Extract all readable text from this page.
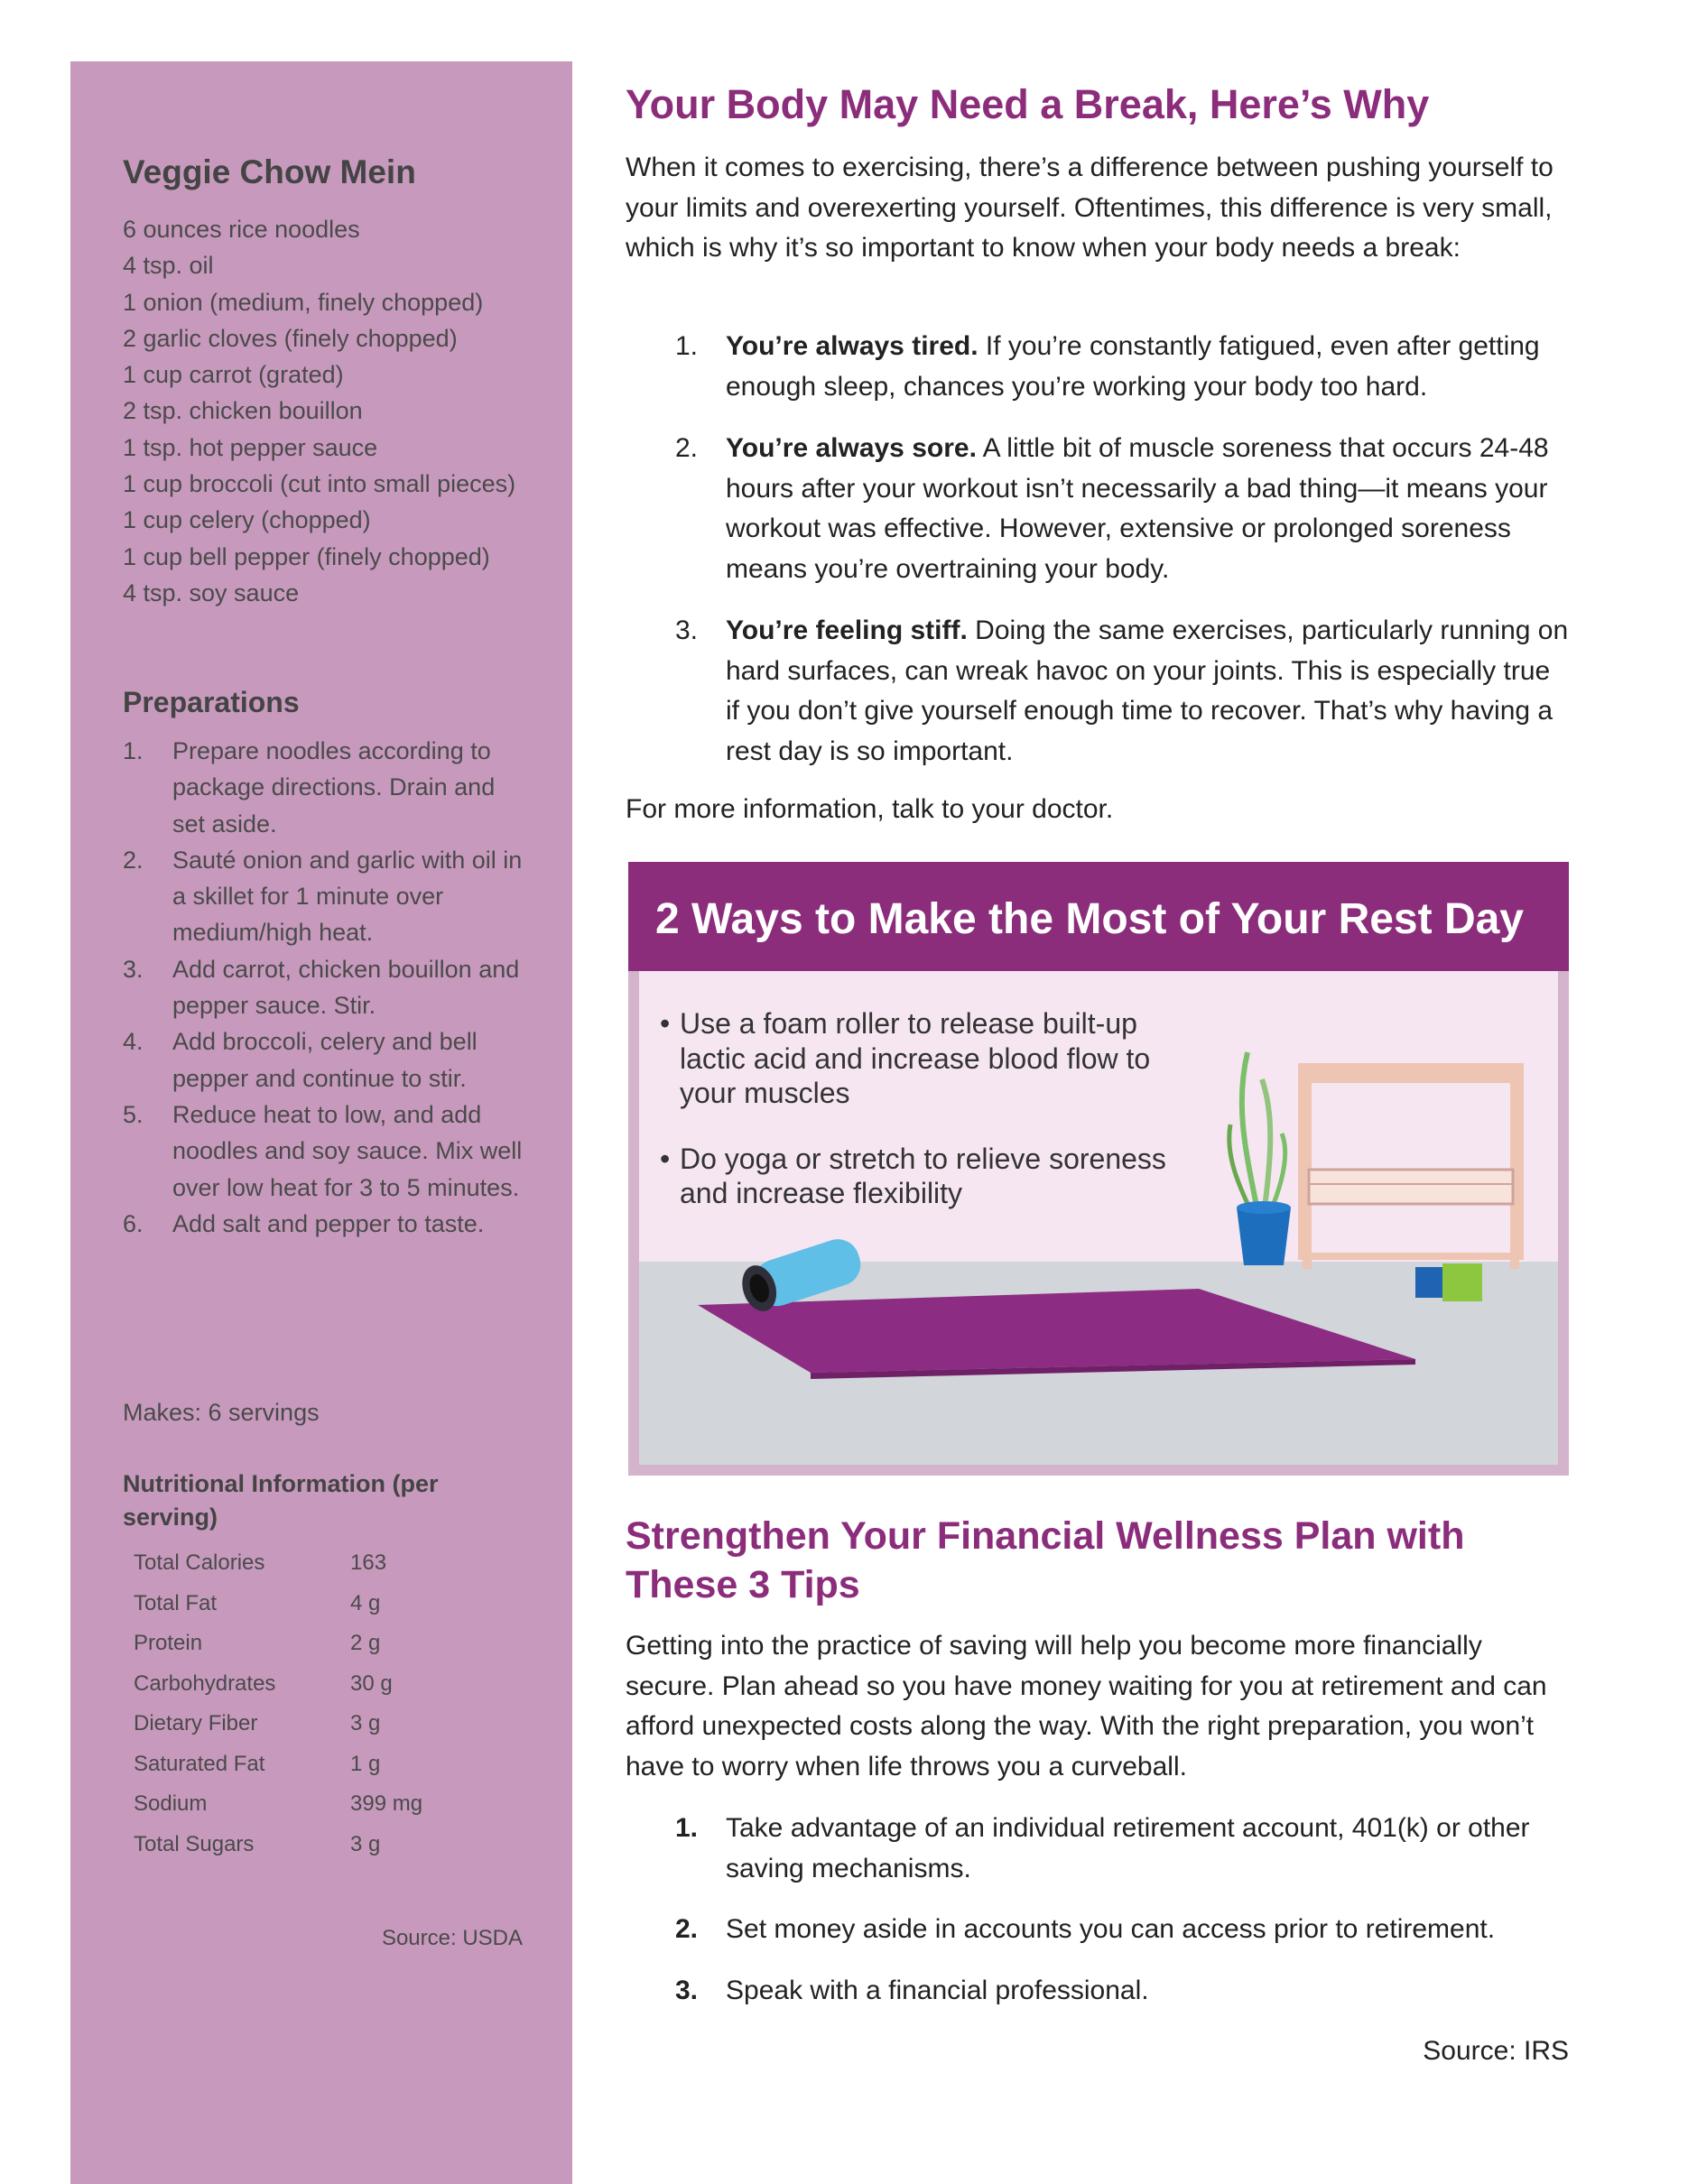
Veggie Chow Mein
6 ounces rice noodles
4 tsp. oil
1 onion (medium, finely chopped)
2 garlic cloves (finely chopped)
1 cup carrot (grated)
2 tsp. chicken bouillon
1 tsp. hot pepper sauce
1 cup broccoli (cut into small pieces)
1 cup celery (chopped)
1 cup bell pepper (finely chopped)
4 tsp. soy sauce
Preparations
1. Prepare noodles according to package directions. Drain and set aside.
2. Sauté onion and garlic with oil in a skillet for 1 minute over medium/high heat.
3. Add carrot, chicken bouillon and pepper sauce. Stir.
4. Add broccoli, celery and bell pepper and continue to stir.
5. Reduce heat to low, and add noodles and soy sauce. Mix well over low heat for 3 to 5 minutes.
6. Add salt and pepper to taste.

Makes: 6 servings

Nutritional Information (per serving)

Total Calories	163
Total Fat	4 g
Protein	2 g
Carbohydrates	30 g
Dietary Fiber	3 g
Saturated Fat	1 g
Sodium	399 mg
Total Sugars	3 g

Source: USDA

Your Body May Need a Break, Here’s Why

When it comes to exercising, there’s a difference between pushing yourself to your limits and overexerting yourself. Oftentimes, this difference is very small, which is why it’s so important to know when your body needs a break:

1. You’re always tired. If you’re constantly fatigued, even after getting enough sleep, chances you’re working your body too hard.
2. You’re always sore. A little bit of muscle soreness that occurs 24-48 hours after your workout isn’t necessarily a bad thing—it means your workout was effective. However, extensive or prolonged soreness means you’re overtraining your body.
3. You’re feeling stiff. Doing the same exercises, particularly running on hard surfaces, can wreak havoc on your joints. This is especially true if you don’t give yourself enough time to recover. That’s why having a rest day is so important.

For more information, talk to your doctor.

2 Ways to Make the Most of Your Rest Day

• Use a foam roller to release built-up lactic acid and increase blood flow to your muscles
• Do yoga or stretch to relieve soreness and increase flexibility
Strengthen Your Financial Wellness Plan with These 3 Tips

Getting into the practice of saving will help you become more financially secure. Plan ahead so you have money waiting for you at retirement and can afford unexpected costs along the way. With the right preparation, you won’t have to worry when life throws you a curveball.

1. Take advantage of an individual retirement account, 401(k) or other saving mechanisms.
2. Set money aside in accounts you can access prior to retirement.
3. Speak with a financial professional.

Source: IRS
